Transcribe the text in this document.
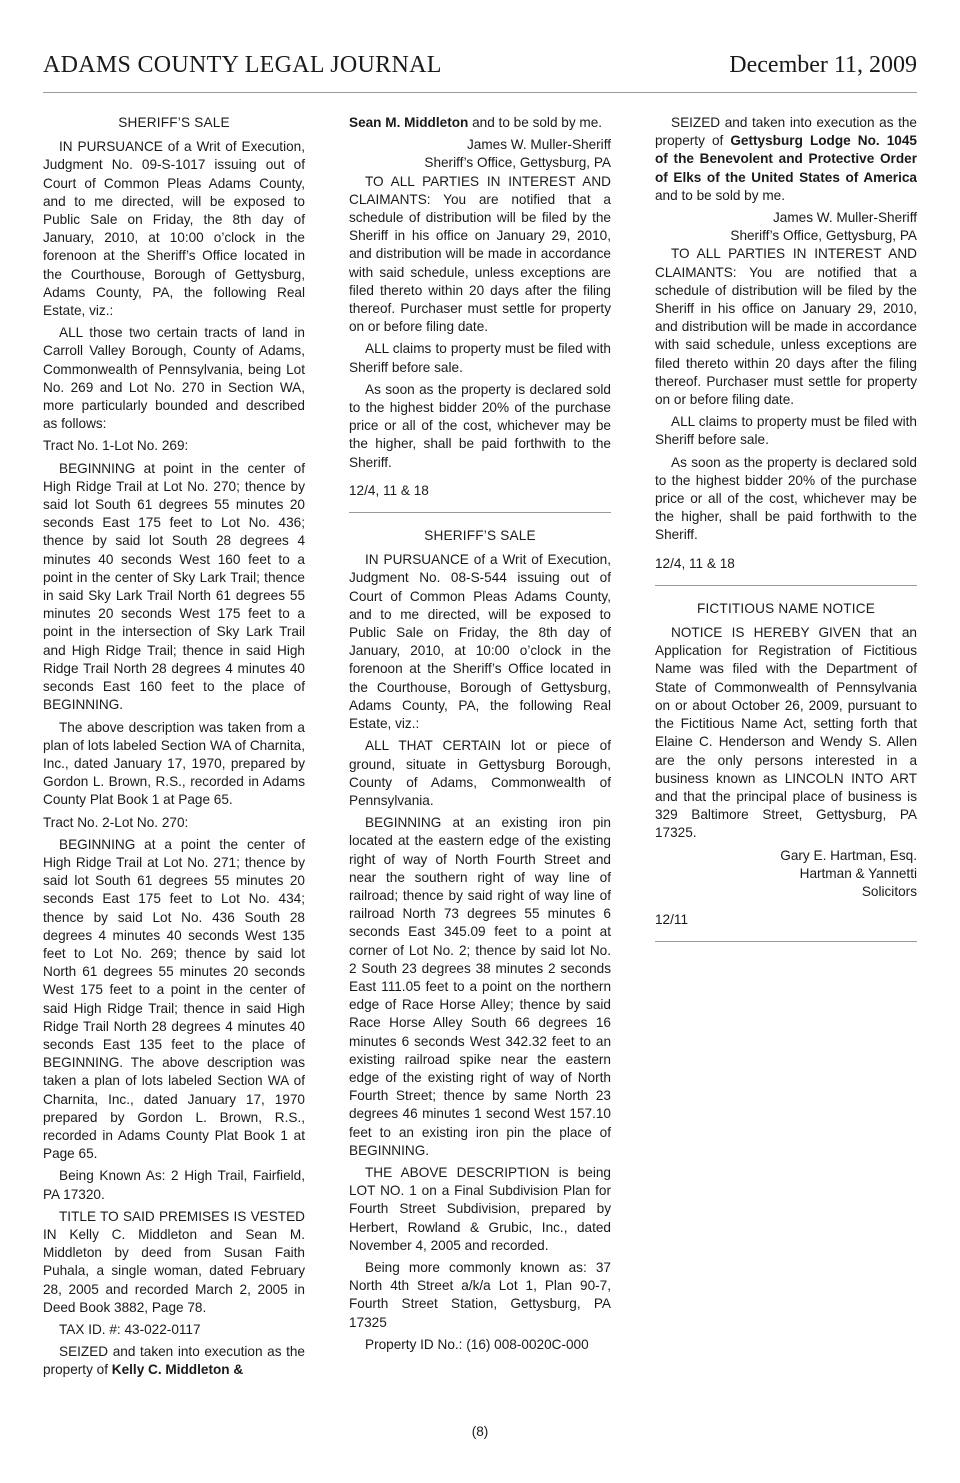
ADAMS COUNTY LEGAL JOURNAL	December 11, 2009

SHERIFF’S SALE

IN PURSUANCE of a Writ of Execution, Judgment No. 09-S-1017 issuing out of Court of Common Pleas Adams County, and to me directed, will be exposed to Public Sale on Friday, the 8th day of January, 2010, at 10:00 o’clock in the forenoon at the Sheriff’s Office located in the Courthouse, Borough of Gettysburg, Adams County, PA, the following Real Estate, viz.:

ALL those two certain tracts of land in Carroll Valley Borough, County of Adams, Commonwealth of Pennsylvania, being Lot No. 269 and Lot No. 270 in Section WA, more particularly bounded and described as follows:

Tract No. 1-Lot No. 269:

BEGINNING at point in the center of High Ridge Trail at Lot No. 270; thence by said lot South 61 degrees 55 minutes 20 seconds East 175 feet to Lot No. 436; thence by said lot South 28 degrees 4 minutes 40 seconds West 160 feet to a point in the center of Sky Lark Trail; thence in said Sky Lark Trail North 61 degrees 55 minutes 20 seconds West 175 feet to a point in the intersection of Sky Lark Trail and High Ridge Trail; thence in said High Ridge Trail North 28 degrees 4 minutes 40 seconds East 160 feet to the place of BEGINNING.

The above description was taken from a plan of lots labeled Section WA of Charnita, Inc., dated January 17, 1970, prepared by Gordon L. Brown, R.S., recorded in Adams County Plat Book 1 at Page 65.

Tract No. 2-Lot No. 270:

BEGINNING at a point the center of High Ridge Trail at Lot No. 271; thence by said lot South 61 degrees 55 minutes 20 seconds East 175 feet to Lot No. 434; thence by said Lot No. 436 South 28 degrees 4 minutes 40 seconds West 135 feet to Lot No. 269; thence by said lot North 61 degrees 55 minutes 20 seconds West 175 feet to a point in the center of said High Ridge Trail; thence in said High Ridge Trail North 28 degrees 4 minutes 40 seconds East 135 feet to the place of BEGINNING. The above description was taken a plan of lots labeled Section WA of Charnita, Inc., dated January 17, 1970 prepared by Gordon L. Brown, R.S., recorded in Adams County Plat Book 1 at Page 65.

Being Known As: 2 High Trail, Fairfield, PA 17320.

TITLE TO SAID PREMISES IS VESTED IN Kelly C. Middleton and Sean M. Middleton by deed from Susan Faith Puhala, a single woman, dated February 28, 2005 and recorded March 2, 2005 in Deed Book 3882, Page 78.

TAX ID. #: 43-022-0117

SEIZED and taken into execution as the property of Kelly C. Middleton &

Sean M. Middleton and to be sold by me.

James W. Muller-Sheriff

Sheriff’s Office, Gettysburg, PA

TO ALL PARTIES IN INTEREST AND CLAIMANTS: You are notified that a schedule of distribution will be filed by the Sheriff in his office on January 29, 2010, and distribution will be made in accordance with said schedule, unless exceptions are filed thereto within 20 days after the filing thereof. Purchaser must settle for property on or before filing date.

ALL claims to property must be filed with Sheriff before sale.

As soon as the property is declared sold to the highest bidder 20% of the purchase price or all of the cost, whichever may be the higher, shall be paid forthwith to the Sheriff.

12/4, 11 & 18

SHERIFF’S SALE

IN PURSUANCE of a Writ of Execution, Judgment No. 08-S-544 issuing out of Court of Common Pleas Adams County, and to me directed, will be exposed to Public Sale on Friday, the 8th day of January, 2010, at 10:00 o’clock in the forenoon at the Sheriff’s Office located in the Courthouse, Borough of Gettysburg, Adams County, PA, the following Real Estate, viz.:

ALL THAT CERTAIN lot or piece of ground, situate in Gettysburg Borough, County of Adams, Commonwealth of Pennsylvania.

BEGINNING at an existing iron pin located at the eastern edge of the existing right of way of North Fourth Street and near the southern right of way line of railroad; thence by said right of way line of railroad North 73 degrees 55 minutes 6 seconds East 345.09 feet to a point at corner of Lot No. 2; thence by said lot No. 2 South 23 degrees 38 minutes 2 seconds East 111.05 feet to a point on the northern edge of Race Horse Alley; thence by said Race Horse Alley South 66 degrees 16 minutes 6 seconds West 342.32 feet to an existing railroad spike near the eastern edge of the existing right of way of North Fourth Street; thence by same North 23 degrees 46 minutes 1 second West 157.10 feet to an existing iron pin the place of BEGINNING.

THE ABOVE DESCRIPTION is being LOT NO. 1 on a Final Subdivision Plan for Fourth Street Subdivision, prepared by Herbert, Rowland & Grubic, Inc., dated November 4, 2005 and recorded.

Being more commonly known as: 37 North 4th Street a/k/a Lot 1, Plan 90-7, Fourth Street Station, Gettysburg, PA 17325

Property ID No.: (16) 008-0020C-000

SEIZED and taken into execution as the property of Gettysburg Lodge No. 1045 of the Benevolent and Protective Order of Elks of the United States of America and to be sold by me.

James W. Muller-Sheriff

Sheriff’s Office, Gettysburg, PA

TO ALL PARTIES IN INTEREST AND CLAIMANTS: You are notified that a schedule of distribution will be filed by the Sheriff in his office on January 29, 2010, and distribution will be made in accordance with said schedule, unless exceptions are filed thereto within 20 days after the filing thereof. Purchaser must settle for property on or before filing date.

ALL claims to property must be filed with Sheriff before sale.

As soon as the property is declared sold to the highest bidder 20% of the purchase price or all of the cost, whichever may be the higher, shall be paid forthwith to the Sheriff.

12/4, 11 & 18

FICTITIOUS NAME NOTICE

NOTICE IS HEREBY GIVEN that an Application for Registration of Fictitious Name was filed with the Department of State of Commonwealth of Pennsylvania on or about October 26, 2009, pursuant to the Fictitious Name Act, setting forth that Elaine C. Henderson and Wendy S. Allen are the only persons interested in a business known as LINCOLN INTO ART and that the principal place of business is 329 Baltimore Street, Gettysburg, PA 17325.

Gary E. Hartman, Esq.

Hartman & Yannetti

Solicitors

12/11

(8)
